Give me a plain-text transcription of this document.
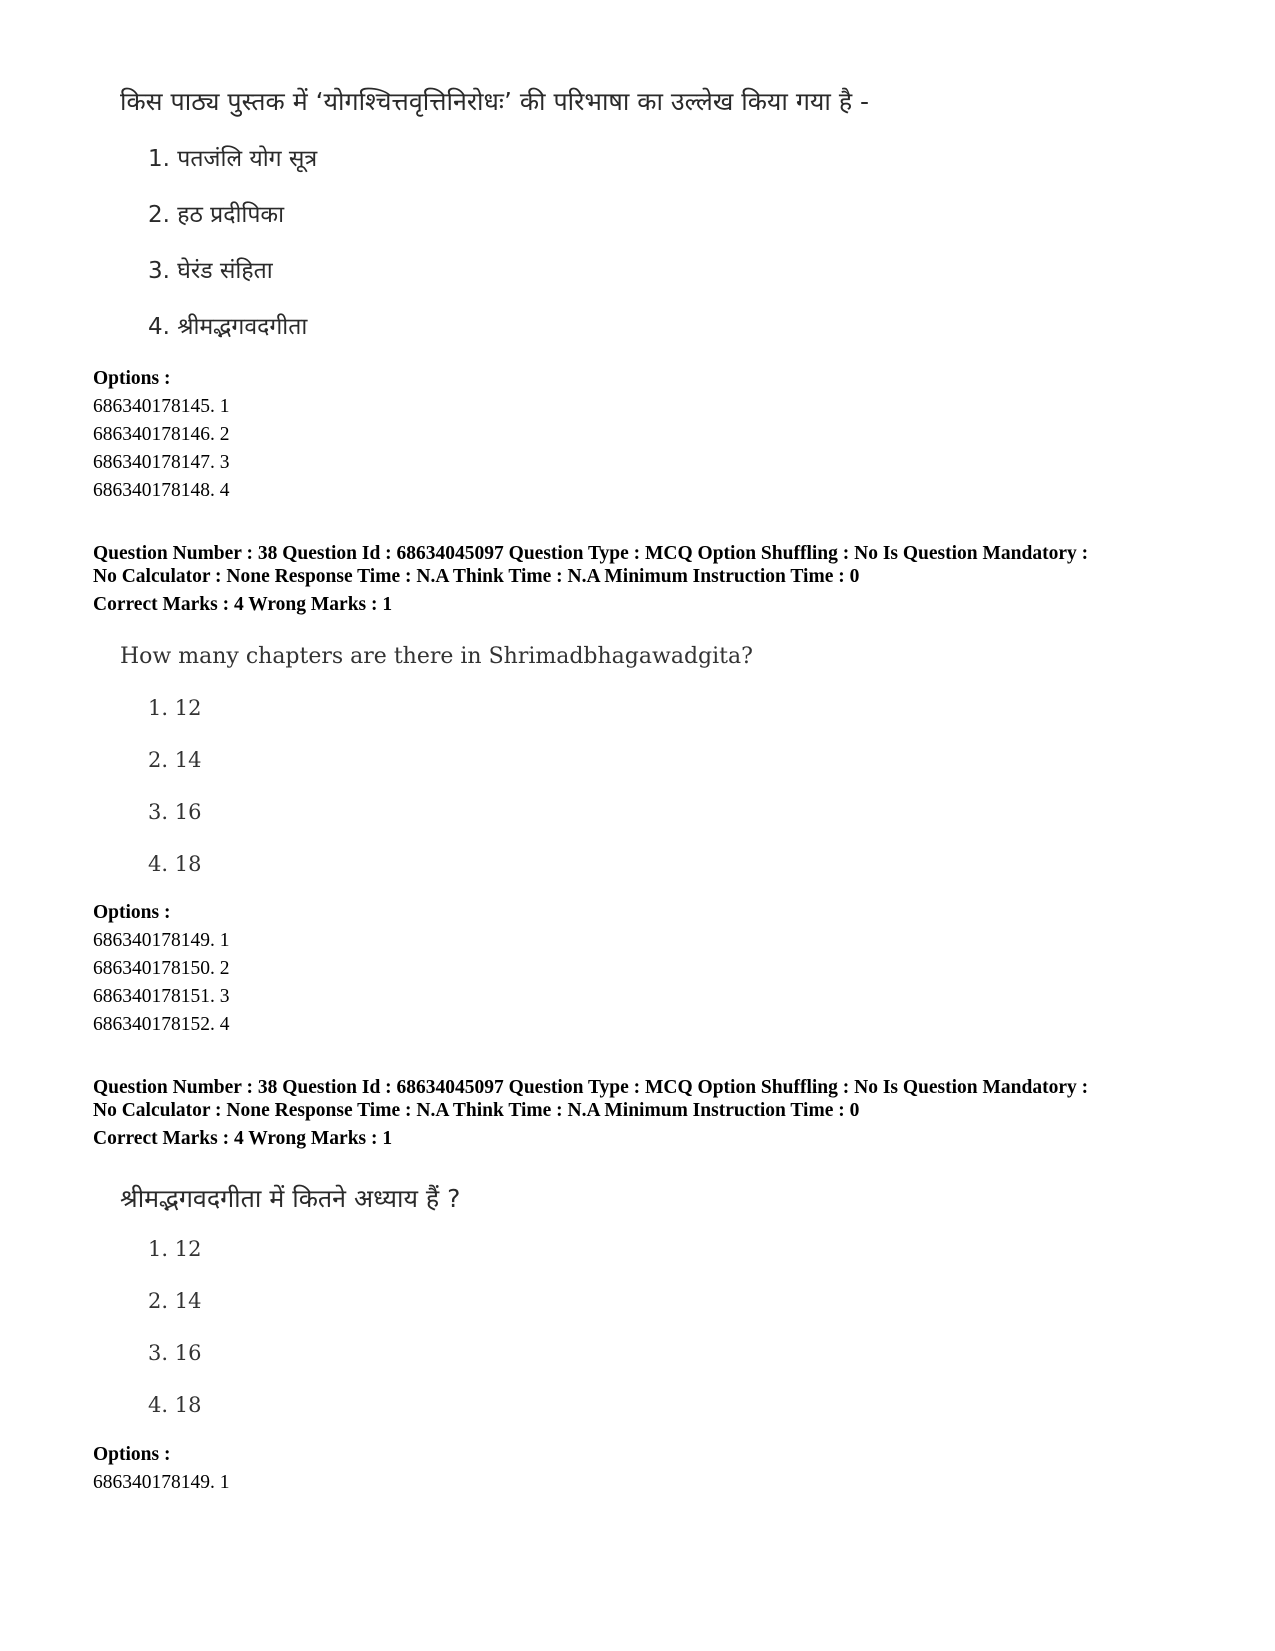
किस पाठ्य पुस्तक में ‘योगश्चित्तवृत्तिनिरोधः’ की परिभाषा का उल्लेख किया गया है -
1. पतजंलि योग सूत्र
2. हठ प्रदीपिका
3. घेरंड संहिता
4. श्रीमद्भगवदगीता
Options :
686340178145. 1
686340178146. 2
686340178147. 3
686340178148. 4
Question Number : 38 Question Id : 68634045097 Question Type : MCQ Option Shuffling : No Is Question Mandatory :
No Calculator : None Response Time : N.A Think Time : N.A Minimum Instruction Time : 0
Correct Marks : 4 Wrong Marks : 1
How many chapters are there in Shrimadbhagawadgita?
1. 12
2. 14
3. 16
4. 18
Options :
686340178149. 1
686340178150. 2
686340178151. 3
686340178152. 4
Question Number : 38 Question Id : 68634045097 Question Type : MCQ Option Shuffling : No Is Question Mandatory :
No Calculator : None Response Time : N.A Think Time : N.A Minimum Instruction Time : 0
Correct Marks : 4 Wrong Marks : 1
श्रीमद्भगवदगीता में कितने अध्याय हैं ?
1. 12
2. 14
3. 16
4. 18
Options :
686340178149. 1
